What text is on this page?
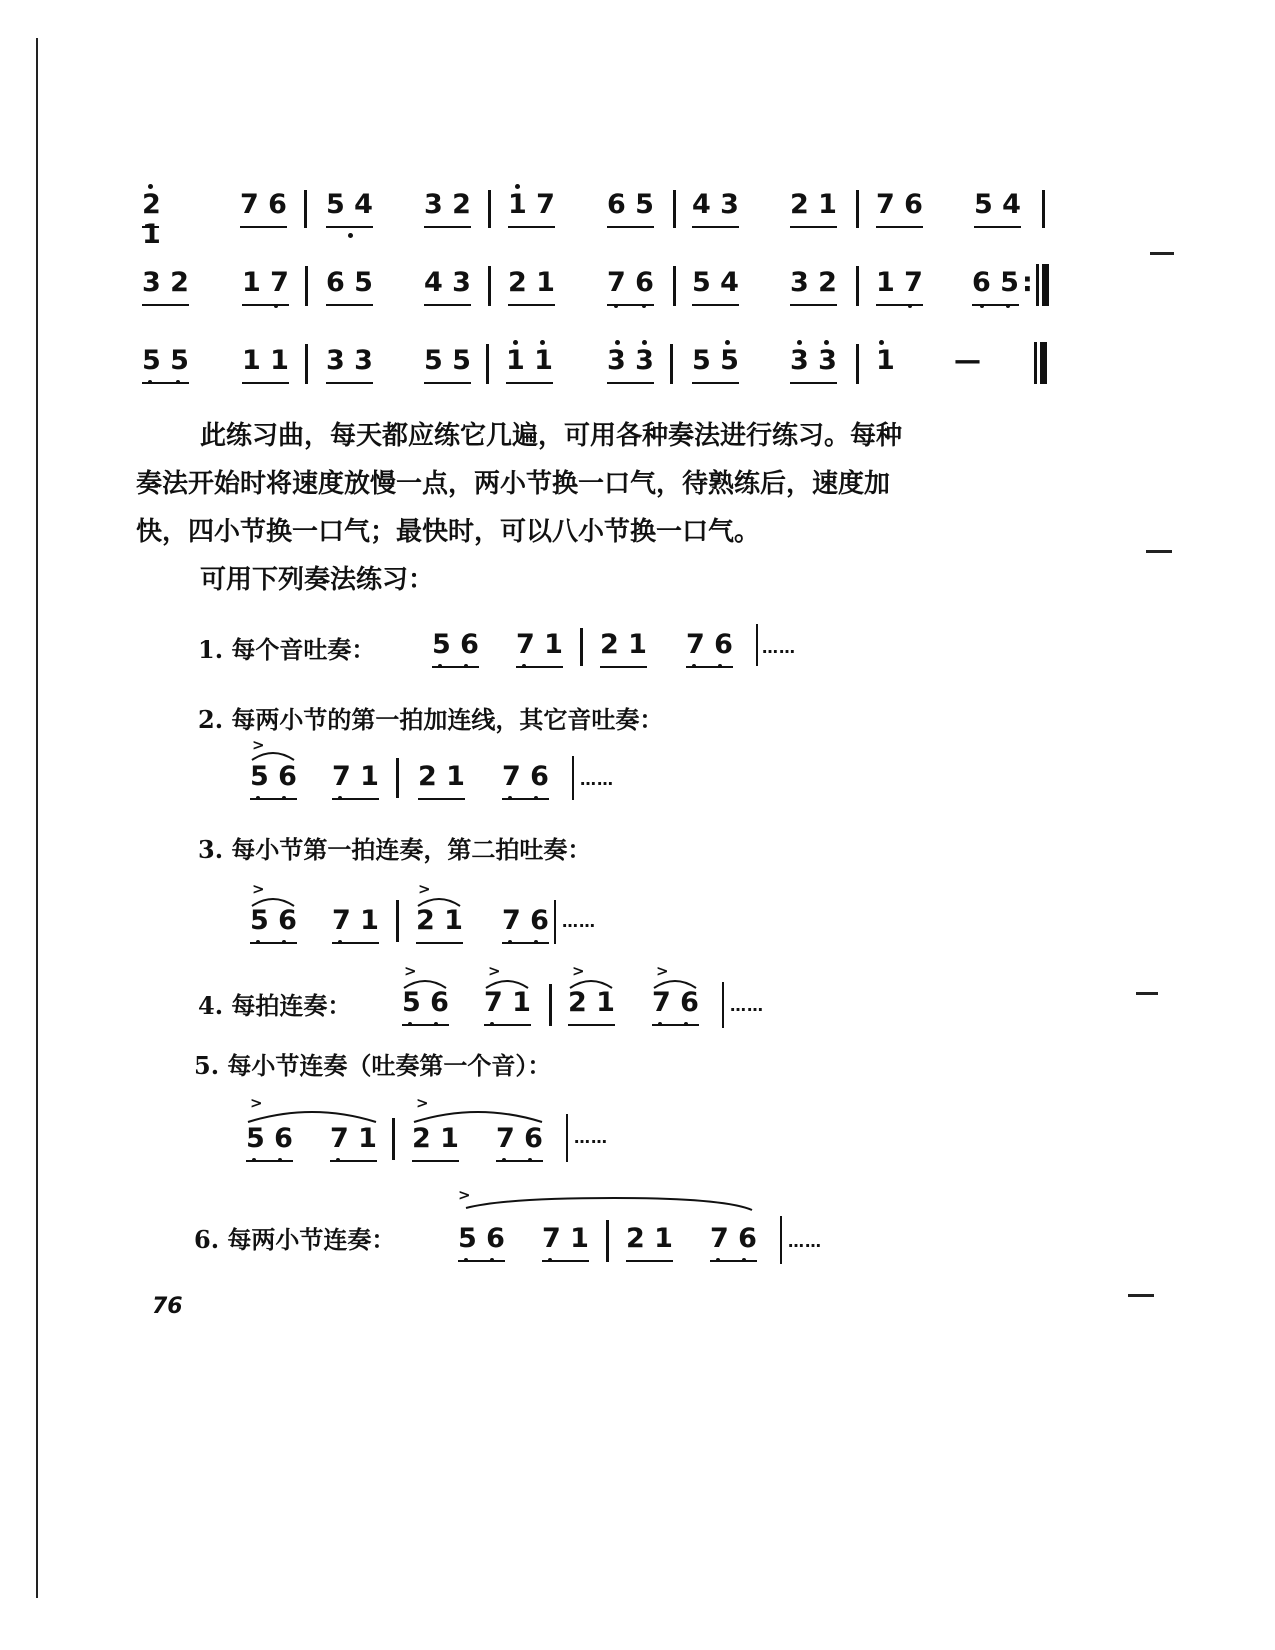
2 1
7 6 5 4 3 2 1 7 6 5 4 3 2 1 7 6 5 4
3 2 1 7 6 5 4 3 2 1 7 6 5 4 3 2 1 7 6 5 :
5 5 1 1 3 3 5 5 1 1 3 3 5 5 3 3 1 —
此练习曲，每天都应练它几遍，可用各种奏法进行练习。每种
奏法开始时将速度放慢一点，两小节换一口气，待熟练后，速度加
快，四小节换一口气；最快时，可以八小节换一口气。
可用下列奏法练习：
1. 每个音吐奏： 5 6 7 1 2 1 7 6 ……
2. 每两小节的第一拍加连线，其它音吐奏：
>
5 6 7 1 2 1 7 6 ……
3. 每小节第一拍连奏，第二拍吐奏：
>
5 6 7 1
>
2 1 7 6 ……
4. 每拍连奏：
>
5 6
>
7 1
>
2 1
>
7 6 ……
5. 每小节连奏（吐奏第一个音）：
>
5 6 7 1
>
2 1 7 6 ……
6. 每两小节连奏：
>
5 6 7 1 2 1 7 6 ……
76
